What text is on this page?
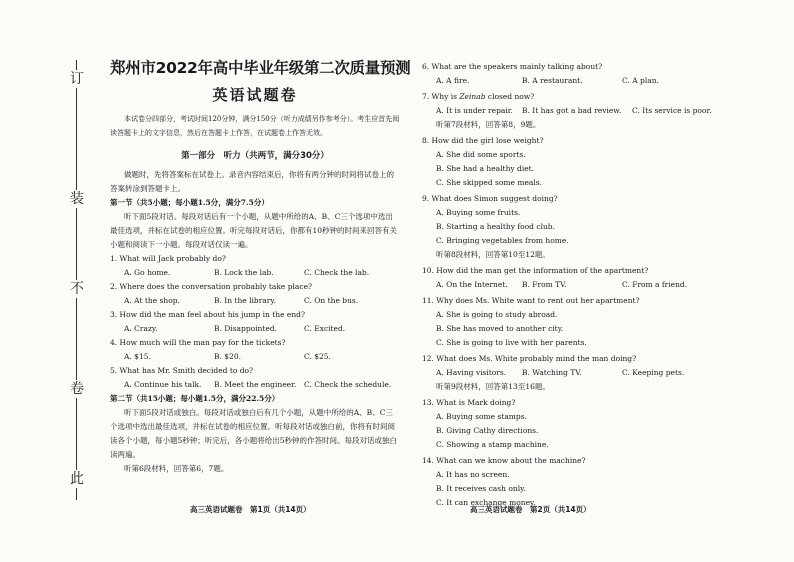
订
装
不
卷
此
郑州市2022年高中毕业年级第二次质量预测
英语试题卷
本试卷分四部分，考试时间120分钟，满分150分（听力成绩另作参考分）。考生应首先阅读答题卡上的文字信息，然后在答题卡上作答，在试题卷上作答无效。
第一部分　听力（共两节，满分30分）
做题时，先将答案标在试卷上。录音内容结束后，你将有两分钟的时间将试卷上的答案转涂到答题卡上。
第一节（共5小题；每小题1.5分，满分7.5分）
听下面5段对话。每段对话后有一个小题，从题中所给的A、B、C三个选项中选出最佳选项，并标在试卷的相应位置。听完每段对话后，你都有10秒钟的时间来回答有关小题和阅读下一小题。每段对话仅读一遍。
1. What will Jack probably do?
A. Go home.	B. Lock the lab.	C. Check the lab.
2. Where does the conversation probably take place?
A. At the shop.	B. In the library.	C. On the bus.
3. How did the man feel about his jump in the end?
A. Crazy.	B. Disappointed.	C. Excited.
4. How much will the man pay for the tickets?
A. $15.	B. $20.	C. $25.
5. What has Mr. Smith decided to do?
A. Continue his talk.	B. Meet the engineer.	C. Check the schedule.
第二节（共15小题；每小题1.5分，满分22.5分）
听下面5段对话或独白。每段对话或独白后有几个小题，从题中所给的A、B、C三个选项中选出最佳选项，并标在试卷的相应位置。听每段对话或独白前，你将有时间阅读各个小题，每小题5秒钟；听完后，各小题将给出5秒钟的作答时间。每段对话或独白读两遍。
听第6段材料，回答第6，7题。
6. What are the speakers mainly talking about?
A. A fire.	B. A restaurant.	C. A plan.
7. Why is Zeinab closed now?
A. It is under repair.	B. It has got a bad review.	C. Its service is poor.
听第7段材料，回答第8，9题。
8. How did the girl lose weight?
A. She did some sports.
B. She had a healthy diet.
C. She skipped some meals.
9. What does Simon suggest doing?
A. Buying some fruits.
B. Starting a healthy food club.
C. Bringing vegetables from home.
听第8段材料，回答第10至12题。
10. How did the man get the information of the apartment?
A. On the Internet.	B. From TV.	C. From a friend.
11. Why does Ms. White want to rent out her apartment?
A. She is going to study abroad.
B. She has moved to another city.
C. She is going to live with her parents.
12. What does Ms. White probably mind the man doing?
A. Having visitors.	B. Watching TV.	C. Keeping pets.
听第9段材料，回答第13至16题。
13. What is Mark doing?
A. Buying some stamps.
B. Giving Cathy directions.
C. Showing a stamp machine.
14. What can we know about the machine?
A. It has no screen.
B. It receives cash only.
C. It can exchange money.
高三英语试题卷　第1页（共14页）	高三英语试题卷　第2页（共14页）
